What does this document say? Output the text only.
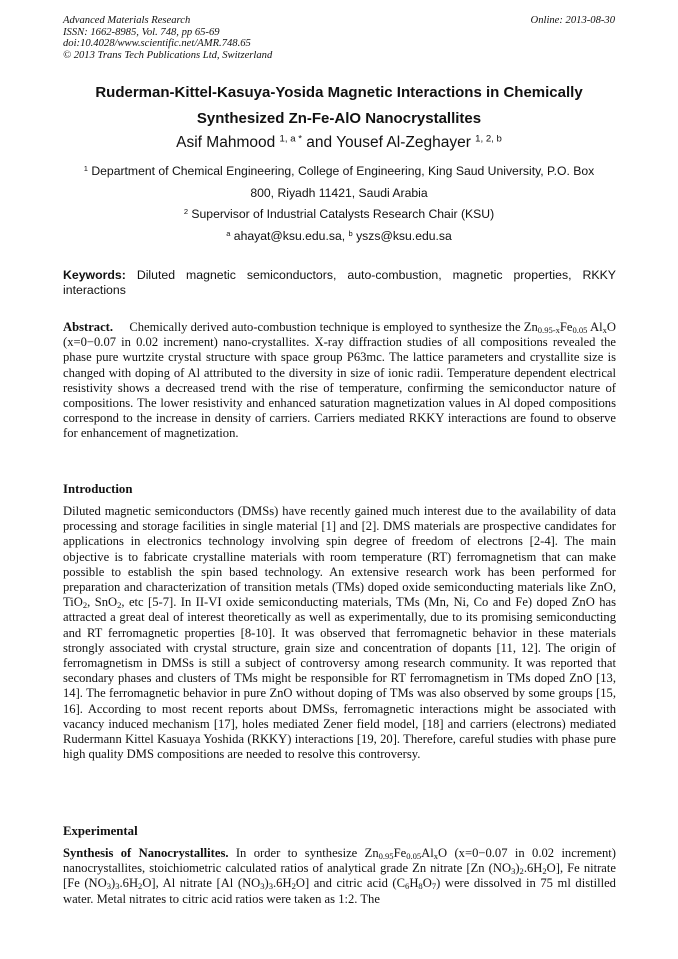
Advanced Materials Research
ISSN: 1662-8985, Vol. 748, pp 65-69
doi:10.4028/www.scientific.net/AMR.748.65
© 2013 Trans Tech Publications Ltd, Switzerland
Online: 2013-08-30
Ruderman-Kittel-Kasuya-Yosida Magnetic Interactions in Chemically
Synthesized Zn-Fe-AlO Nanocrystallites
Asif Mahmood $^{1, a *}$ and Yousef Al-Zeghayer $^{1, 2, b}$
$^1$ Department of Chemical Engineering, College of Engineering, King Saud University, P.O. Box
800, Riyadh 11421, Saudi Arabia
$^2$ Supervisor of Industrial Catalysts Research Chair (KSU)
$^a$ ahayat@ksu.edu.sa, $^b$ yszs@ksu.edu.sa
Keywords: Diluted magnetic semiconductors, auto-combustion, magnetic properties, RKKY interactions
Abstract.     Chemically derived auto-combustion technique is employed to synthesize the $Zn_{0.95-x}Fe_{0.05}$ $Al_xO$ (x=0−0.07 in 0.02 increment) nano-crystallites. X-ray diffraction studies of all compositions revealed the phase pure wurtzite crystal structure with space group P63mc. The lattice parameters and crystallite size is changed with doping of Al attributed to the diversity in size of ionic radii. Temperature dependent electrical resistivity shows a decreased trend with the rise of temperature, confirming the semiconductor nature of compositions. The lower resistivity and enhanced saturation magnetization values in Al doped compositions correspond to the increase in density of carriers. Carriers mediated RKKY interactions are found to observe for enhancement of magnetization.
Introduction
Diluted magnetic semiconductors (DMSs) have recently gained much interest due to the availability of data processing and storage facilities in single material [1] and [2]. DMS materials are prospective candidates for applications in electronics technology involving spin degree of freedom of electrons [2-4]. The main objective is to fabricate crystalline materials with room temperature (RT) ferromagnetism that can make possible to establish the spin based technology. An extensive research work has been performed for preparation and characterization of transition metals (TMs) doped oxide semiconducting materials like ZnO, TiO$_2$, SnO$_2$, etc [5-7]. In II-VI oxide semiconducting materials, TMs (Mn, Ni, Co and Fe) doped ZnO has attracted a great deal of interest theoretically as well as experimentally, due to its promising semiconducting and RT ferromagnetic properties [8-10]. It was observed that ferromagnetic behavior in these materials strongly associated with crystal structure, grain size and concentration of dopants [11, 12]. The origin of ferromagnetism in DMSs is still a subject of controversy among research community. It was reported that secondary phases and clusters of TMs might be responsible for RT ferromagnetism in TMs doped ZnO [13, 14]. The ferromagnetic behavior in pure ZnO without doping of TMs was also observed by some groups [15, 16]. According to most recent reports about DMSs, ferromagnetic interactions might be associated with vacancy induced mechanism [17], holes mediated Zener field model, [18] and carriers (electrons) mediated Rudermann Kittel Kasuaya Yoshida (RKKY) interactions [19, 20]. Therefore, careful studies with phase pure high quality DMS compositions are needed to resolve this controversy.
Experimental
Synthesis of Nanocrystallites. In order to synthesize $Zn_{0.95}Fe_{0.05}Al_xO$ (x=0−0.07 in 0.02 increment) nanocrystallites, stoichiometric calculated ratios of analytical grade Zn nitrate [Zn $(NO_3)_2.6H_2O$], Fe nitrate [Fe $(NO_3)_3.6H_2O$], Al nitrate [Al $(NO_3)_3.6H_2O$] and citric acid $(C_6H_8O_7)$ were dissolved in 75 ml distilled water. Metal nitrates to citric acid ratios were taken as 1:2. The
